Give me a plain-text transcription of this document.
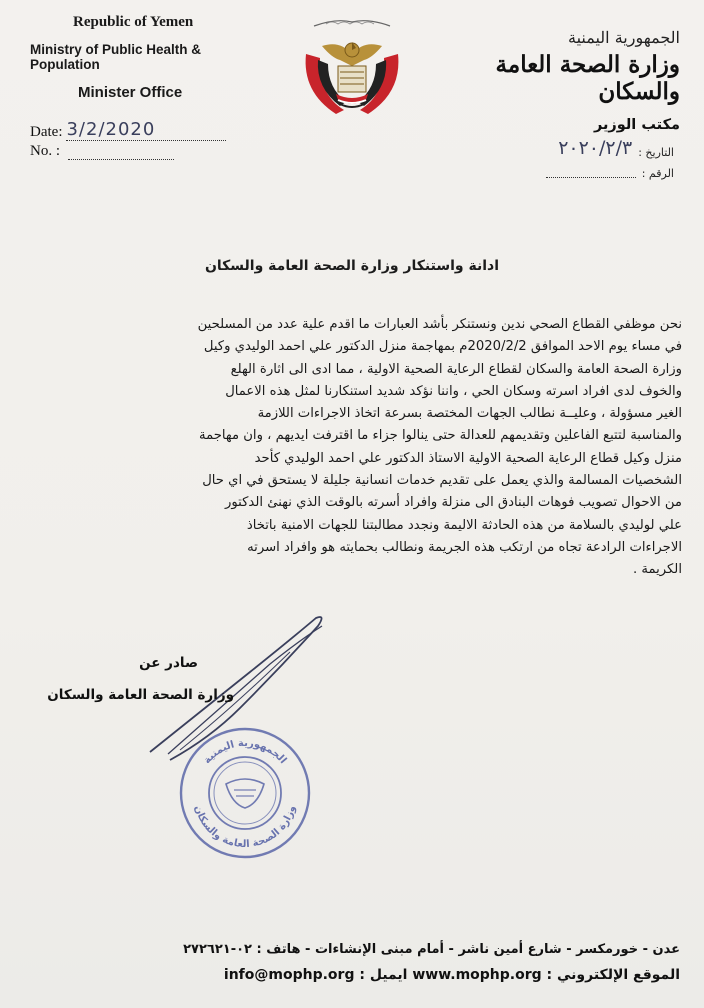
Republic of Yemen
Ministry of Public Health & Population
Minister Office
الجمهورية اليمنية
وزارة الصحة العامة والسكان
مكتب الوزير
Date: 3/2/2020
No. :	التاريخ :
٢٠٢٠/٢/٣
الرقم :
ادانة واستنكار وزارة الصحة العامة والسكان
نحن موظفي القطاع الصحي ندين ونستنكر بأشد العبارات ما اقدم علية عدد من المسلحين
في مساء يوم الاحد الموافق 2020/2/2م بمهاجمة منزل الدكتور علي احمد الوليدي وكيل
وزارة الصحة العامة والسكان لقطاع الرعاية الصحية الاولية ، مما ادى الى اثارة الهلع
والخوف لدى افراد اسرته وسكان الحي ، واننا نؤكد شديد استنكارنا لمثل هذه الاعمال
الغير مسؤولة ، وعليــة نطالب الجهات المختصة بسرعة اتخاذ الاجراءات اللازمة
والمناسبة لتتبع الفاعلين وتقديمهم للعدالة حتى ينالوا جزاء ما اقترفت ايديهم ، وان مهاجمة
منزل وكيل قطاع الرعاية الصحية الاولية الاستاذ الدكتور علي احمد الوليدي كأحد
الشخصيات المسالمة والذي يعمل على تقديم خدمات انسانية جليلة لا يستحق في اي حال
من الاحوال تصويب فوهات البنادق الى منزلة وافراد أسرته بالوقت الذي نهنئ الدكتور
علي لوليدي بالسلامة من هذه الحادثة الاليمة ونجدد مطالبتنا للجهات الامنية باتخاذ
الاجراءات الرادعة تجاه من ارتكب هذه الجريمة ونطالب بحمايته هو وافراد اسرته
الكريمة .
صادر عن
وزارة الصحة العامة والسكان
الجمهورية اليمنية
وزارة الصحة العامة والسكان
عدن - خورمكسر - شارع أمين ناشر - أمام مبنى الإنشاءات - هاتف : ٠٢-٢٧٢٦٢١
الموقع الإلكتروني : www.mophp.org ايميل : info@mophp.org
